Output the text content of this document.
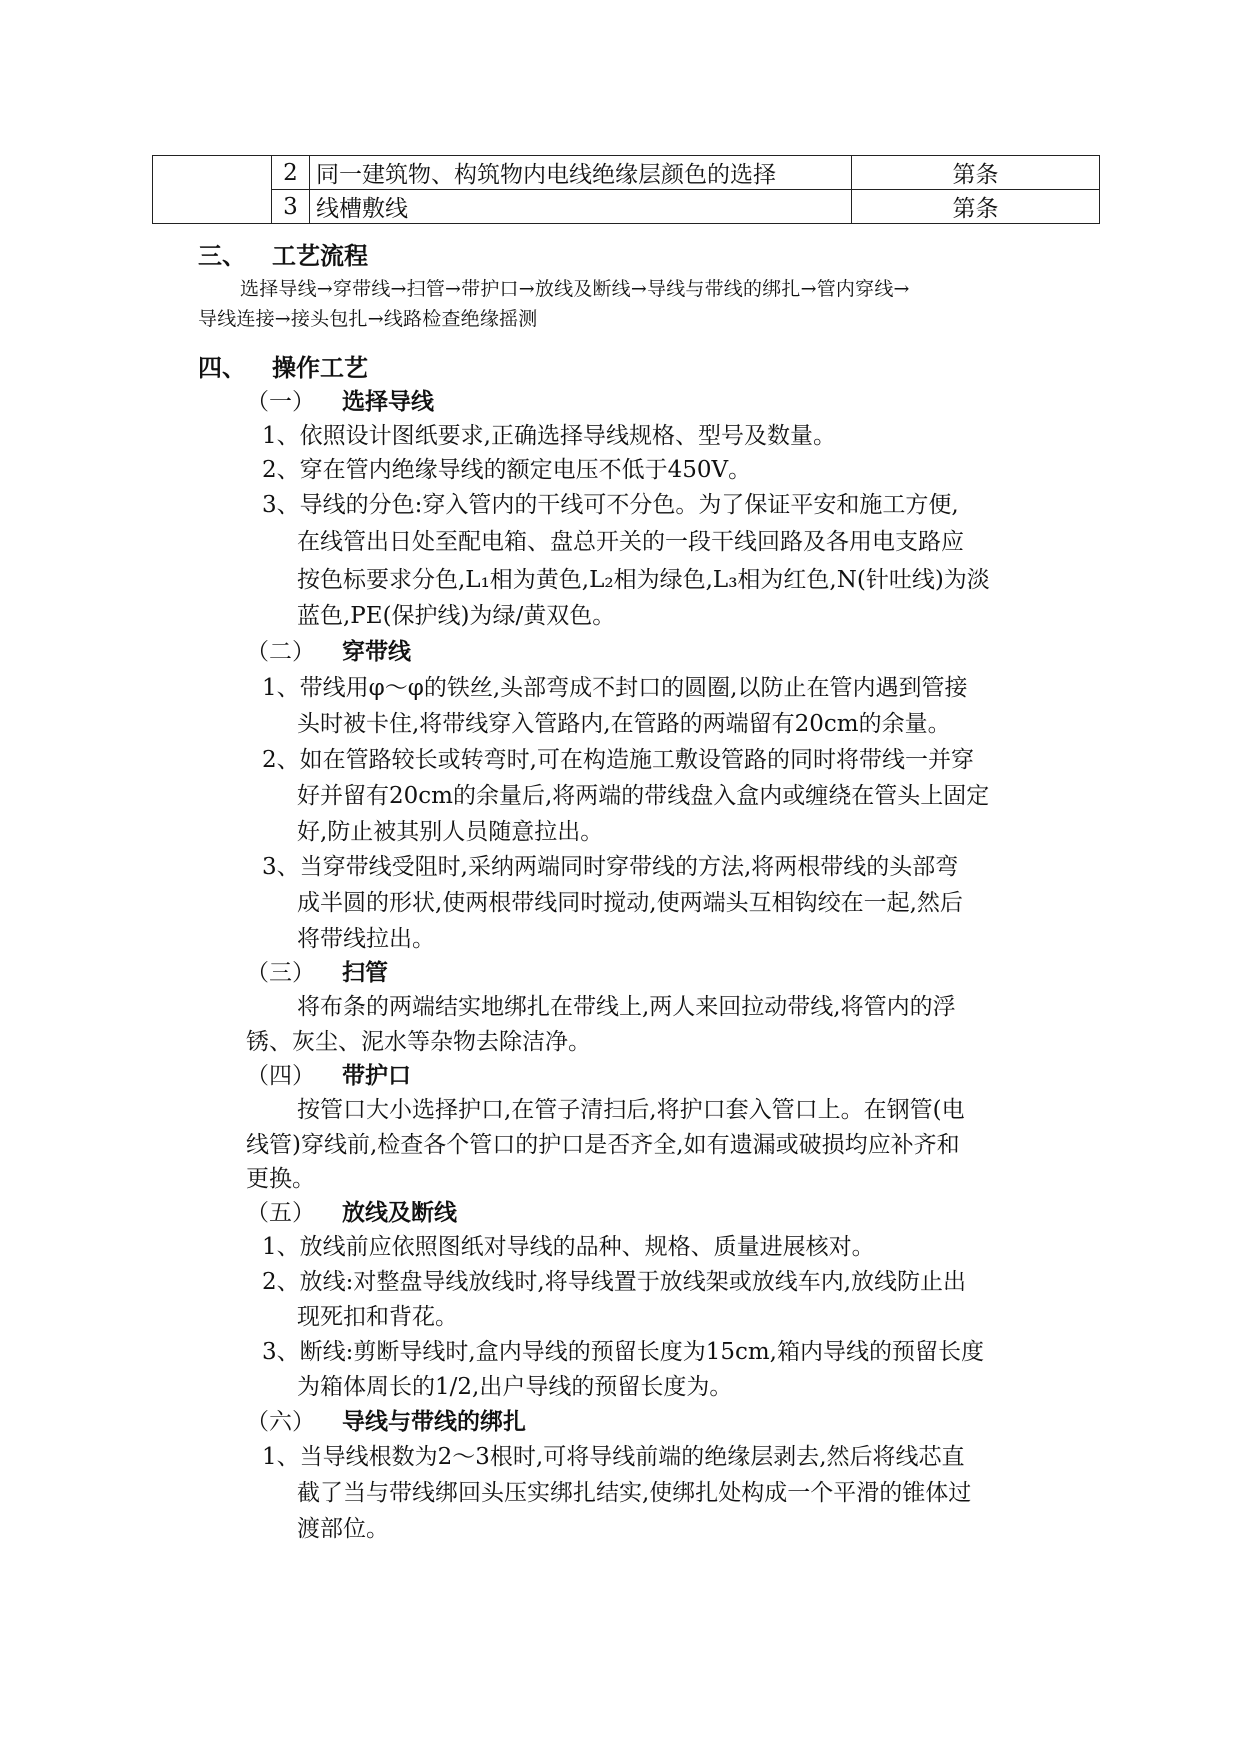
	2	同一建筑物、构筑物内电线绝缘层颜色的选择	第条
	3	线槽敷线	第条
三、 工艺流程
选择导线→穿带线→扫管→带护口→放线及断线→导线与带线的绑扎→管内穿线→
导线连接→接头包扎→线路检查绝缘摇测
四、 操作工艺
（一） 选择导线
1、依照设计图纸要求,正确选择导线规格、型号及数量。
2、穿在管内绝缘导线的额定电压不低于450V。
3、导线的分色:穿入管内的干线可不分色。为了保证平安和施工方便,
在线管出日处至配电箱、盘总开关的一段干线回路及各用电支路应
按色标要求分色,L₁相为黄色,L₂相为绿色,L₃相为红色,N(针吐线)为淡
蓝色,PE(保护线)为绿/黄双色。
（二） 穿带线
1、带线用φ～φ的铁丝,头部弯成不封口的圆圈,以防止在管内遇到管接
头时被卡住,将带线穿入管路内,在管路的两端留有20cm的余量。
2、如在管路较长或转弯时,可在构造施工敷设管路的同时将带线一并穿
好并留有20cm的余量后,将两端的带线盘入盒内或缠绕在管头上固定
好,防止被其别人员随意拉出。
3、当穿带线受阻时,采纳两端同时穿带线的方法,将两根带线的头部弯
成半圆的形状,使两根带线同时搅动,使两端头互相钩绞在一起,然后
将带线拉出。
（三） 扫管
将布条的两端结实地绑扎在带线上,两人来回拉动带线,将管内的浮
锈、灰尘、泥水等杂物去除洁净。
（四） 带护口
按管口大小选择护口,在管子清扫后,将护口套入管口上。在钢管(电
线管)穿线前,检查各个管口的护口是否齐全,如有遗漏或破损均应补齐和
更换。
（五） 放线及断线
1、放线前应依照图纸对导线的品种、规格、质量进展核对。
2、放线:对整盘导线放线时,将导线置于放线架或放线车内,放线防止出
现死扣和背花。
3、断线:剪断导线时,盒内导线的预留长度为15cm,箱内导线的预留长度
为箱体周长的1/2,出户导线的预留长度为。
（六） 导线与带线的绑扎
1、当导线根数为2～3根时,可将导线前端的绝缘层剥去,然后将线芯直
截了当与带线绑回头压实绑扎结实,使绑扎处构成一个平滑的锥体过
渡部位。
